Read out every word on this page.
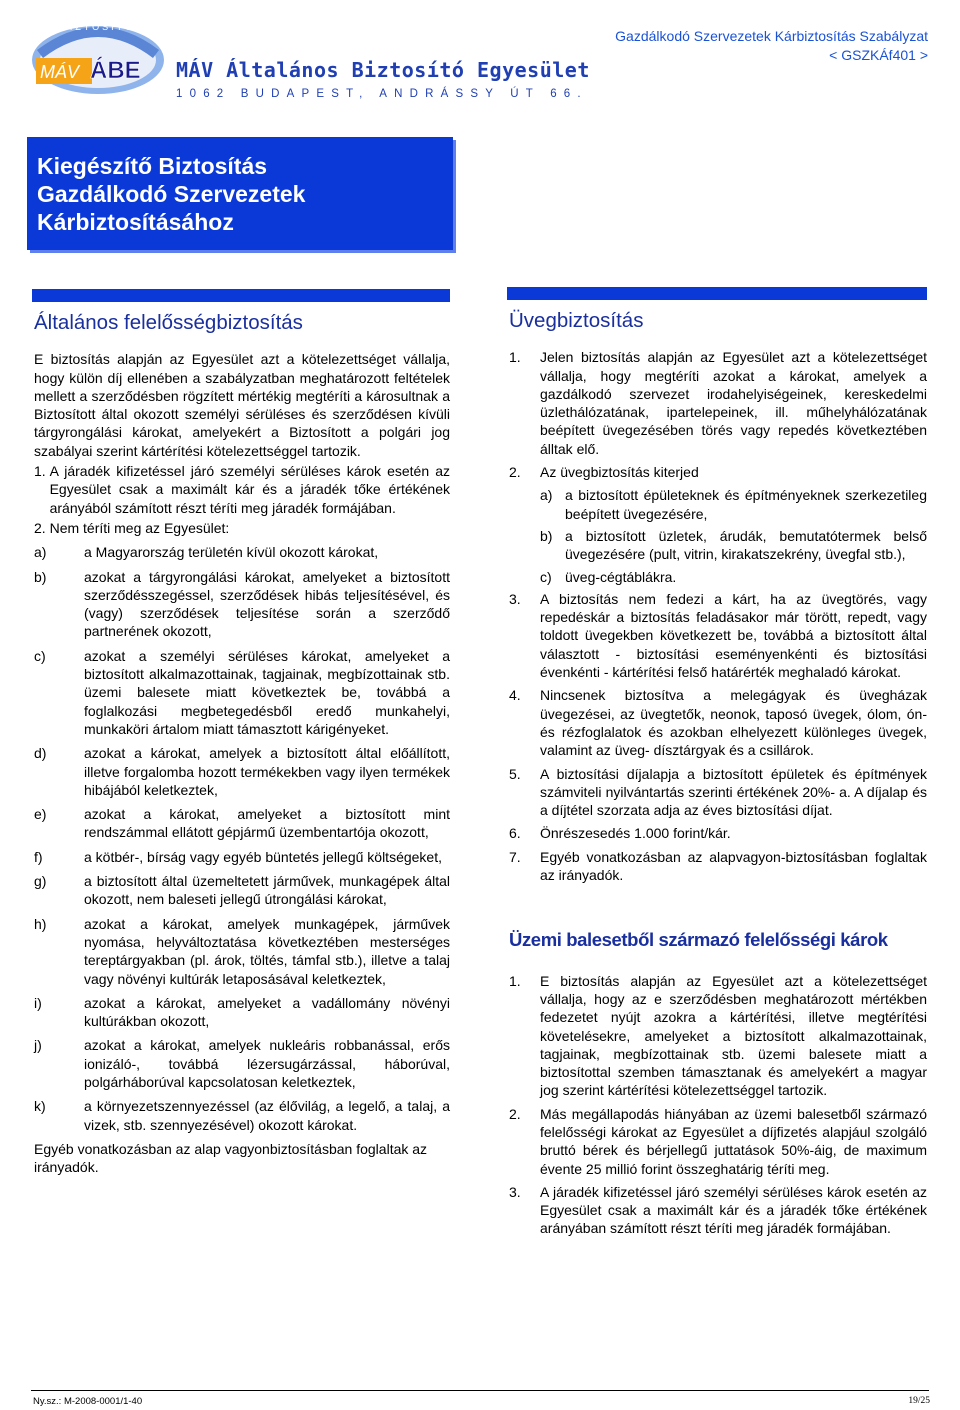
BIZTOSÍTÓ
MÁV ÁBE MÁV Általános Biztosító Egyesület
1062 BUDAPEST, ANDRÁSSY ÚT 66.
Gazdálkodó Szervezetek Kárbiztosítás Szabályzat
< GSZKÁf401 >
Kiegészítő Biztosítás
Gazdálkodó Szervezetek
Kárbiztosításához
Általános felelősségbiztosítás

E biztosítás alapján az Egyesület azt a kötelezettséget vállalja, hogy külön díj ellenében a szabályzatban meghatározott feltételek mellett a szerződésben rögzített mértékig megtéríti a károsultnak a Biztosított által okozott személyi sérüléses és szerződésen kívüli tárgyrongálási károkat, amelyekért a Biztosított a polgári jog szabályai szerint kártérítési kötelezettséggel tartozik.

1.
A járadék kifizetéssel járó személyi sérüléses károk esetén az Egyesület csak a maximált kár és a járadék tőke értékének arányából számított részt téríti meg járadék formájában.
2.
Nem téríti meg az Egyesület:
a)	a Magyarország területén kívül okozott károkat,
b)	azokat a tárgyrongálási károkat, amelyeket a biztosított szerződésszegéssel, szerződések hibás teljesítésével, és (vagy) szerződések teljesítése során a szerződő partnerének okozott,
c)	azokat a személyi sérüléses károkat, amelyeket a biztosított alkalmazottainak, tagjainak, megbízottainak stb. üzemi balesete miatt következtek be, továbbá a foglalkozási megbetegedésből eredő munkahelyi, munkaköri ártalom miatt támasztott kárigényeket.
d)	azokat a károkat, amelyek a biztosított által előállított, illetve forgalomba hozott termékekben vagy ilyen termékek hibájából keletkeztek,
e)	azokat a károkat, amelyeket a biztosított mint rendszámmal ellátott gépjármű üzembentartója okozott,
f)	a kötbér-, bírság vagy egyéb büntetés jellegű költségeket,
g)	a biztosított által üzemeltetett járművek, munkagépek által okozott, nem baleseti jellegű útrongálási károkat,
h)	azokat a károkat, amelyek munkagépek, járművek nyomása, helyváltoztatása következtében mesterséges tereptárgyakban (pl. árok, töltés, támfal stb.), illetve a talaj vagy növényi kultúrák letaposásával keletkeztek,
i)	azokat a károkat, amelyeket a vadállomány növényi kultúrákban okozott,
j)	azokat a károkat, amelyek nukleáris robbanással, erős ionizáló-, továbbá lézersugárzással, háborúval, polgárháborúval kapcsolatosan keletkeztek,
k)	a környezetszennyezéssel (az élővilág, a legelő, a talaj, a vizek, stb. szennyezésével) okozott károkat.

Egyéb vonatkozásban az alap vagyonbiztosításban foglaltak az irányadók.

Üvegbiztosítás
1.	Jelen biztosítás alapján az Egyesület azt a kötelezettséget vállalja, hogy megtéríti azokat a károkat, amelyek a gazdálkodó szervezet irodahelyiségeinek, kereskedelmi üzlethálózatának, ipartelepeinek, ill. műhelyhálózatának beépített üvegezésében törés vagy repedés következtében álltak elő.
2.	Az üvegbiztosítás kiterjed
a) a biztosított épületeknek és építményeknek szerkezetileg beépített üvegezésére,
b) a biztosított üzletek, árudák, bemutatótermek belső üvegezésére (pult, vitrin, kirakatszekrény, üvegfal stb.),
c) üveg-cégtáblákra.
3.	A biztosítás nem fedezi a kárt, ha az üvegtörés, vagy repedéskár a biztosítás feladásakor már törött, repedt, vagy toldott üvegekben következett be, továbbá a biztosított által választott - biztosítási eseményenkénti és biztosítási évenkénti - kártérítési felső határérték meghaladó károkat.
4.	Nincsenek biztosítva a melegágyak és üvegházak üvegezései, az üvegtetők, neonok, taposó üvegek, ólom, ón- és rézfoglalatok és azokban elhelyezett különleges üvegek, valamint az üveg- dísztárgyak és a csillárok.
5.	A biztosítási díjalapja a biztosított épületek és építmények számviteli nyilvántartás szerinti értékének 20%- a. A díjalap és a díjtétel szorzata adja az éves biztosítási díjat.
6.	Önrészesedés 1.000 forint/kár.
7.	Egyéb vonatkozásban az alapvagyon-biztosításban foglaltak az irányadók.
Üzemi balesetből származó felelősségi károk
1.	E biztosítás alapján az Egyesület azt a kötelezettséget vállalja, hogy az e szerződésben meghatározott mértékben fedezetet nyújt azokra a kártérítési, illetve megtérítési követelésekre, amelyeket a biztosított alkalmazottainak, tagjainak, megbízottainak stb. üzemi balesete miatt a biztosítottal szemben támasztanak és amelyekért a magyar jog szerint kártérítési kötelezettséggel tartozik.
2.	Más megállapodás hiányában az üzemi balesetből származó felelősségi károkat az Egyesület a díjfizetés alapjául szolgáló bruttó bérek és bérjellegű juttatások 50%-áig, de maximum évente 25 millió forint összeghatárig téríti meg.
3.	A járadék kifizetéssel járó személyi sérüléses károk esetén az Egyesület csak a maximált kár és a járadék tőke értékének arányában számított részt téríti meg járadék formájában.
Ny.sz.: M-2008-0001/1-40	19/25
